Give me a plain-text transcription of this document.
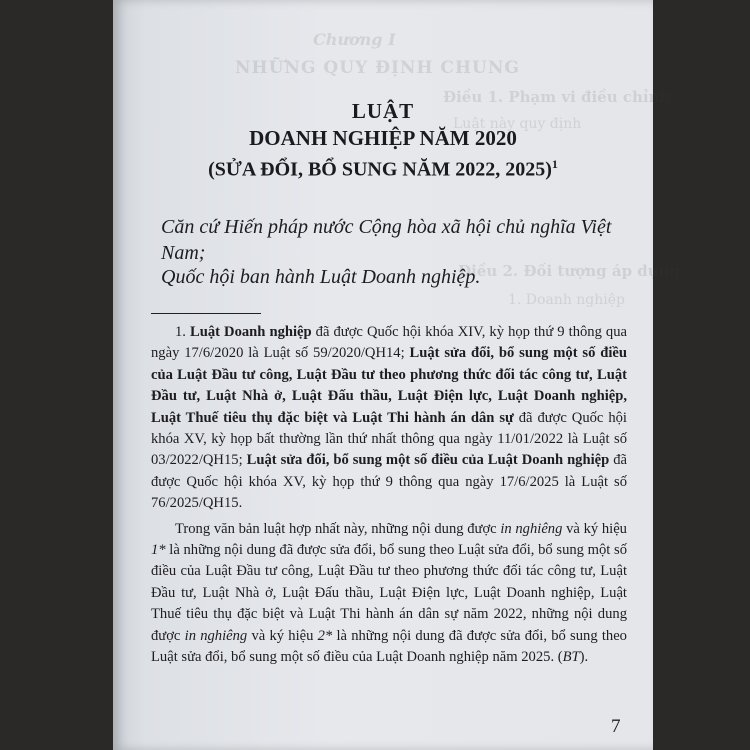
Chương I
NHỮNG QUY ĐỊNH CHUNG
Điều 1. Phạm vi điều chỉnh
Luật này quy định
Điều 2. Đối tượng áp dụng
1. Doanh nghiệp
LUẬT
DOANH NGHIỆP NĂM 2020
(SỬA ĐỔI, BỔ SUNG NĂM 2022, 2025)$^1$
Căn cứ Hiến pháp nước Cộng hòa xã hội chủ nghĩa Việt Nam;
Quốc hội ban hành Luật Doanh nghiệp.

1. Luật Doanh nghiệp đã được Quốc hội khóa XIV, kỳ họp thứ 9 thông qua ngày 17/6/2020 là Luật số 59/2020/QH14; Luật sửa đổi, bổ sung một số điều của Luật Đầu tư công, Luật Đầu tư theo phương thức đối tác công tư, Luật Đầu tư, Luật Nhà ở, Luật Đấu thầu, Luật Điện lực, Luật Doanh nghiệp, Luật Thuế tiêu thụ đặc biệt và Luật Thi hành án dân sự đã được Quốc hội khóa XV, kỳ họp bất thường lần thứ nhất thông qua ngày 11/01/2022 là Luật số 03/2022/QH15; Luật sửa đổi, bổ sung một số điều của Luật Doanh nghiệp đã được Quốc hội khóa XV, kỳ họp thứ 9 thông qua ngày 17/6/2025 là Luật số 76/2025/QH15.

Trong văn bản luật hợp nhất này, những nội dung được in nghiêng và ký hiệu 1* là những nội dung đã được sửa đổi, bổ sung theo Luật sửa đổi, bổ sung một số điều của Luật Đầu tư công, Luật Đầu tư theo phương thức đối tác công tư, Luật Đầu tư, Luật Nhà ở, Luật Đấu thầu, Luật Điện lực, Luật Doanh nghiệp, Luật Thuế tiêu thụ đặc biệt và Luật Thi hành án dân sự năm 2022, những nội dung được in nghiêng và ký hiệu 2* là những nội dung đã được sửa đổi, bổ sung theo Luật sửa đổi, bổ sung một số điều của Luật Doanh nghiệp năm 2025. (BT).

7
